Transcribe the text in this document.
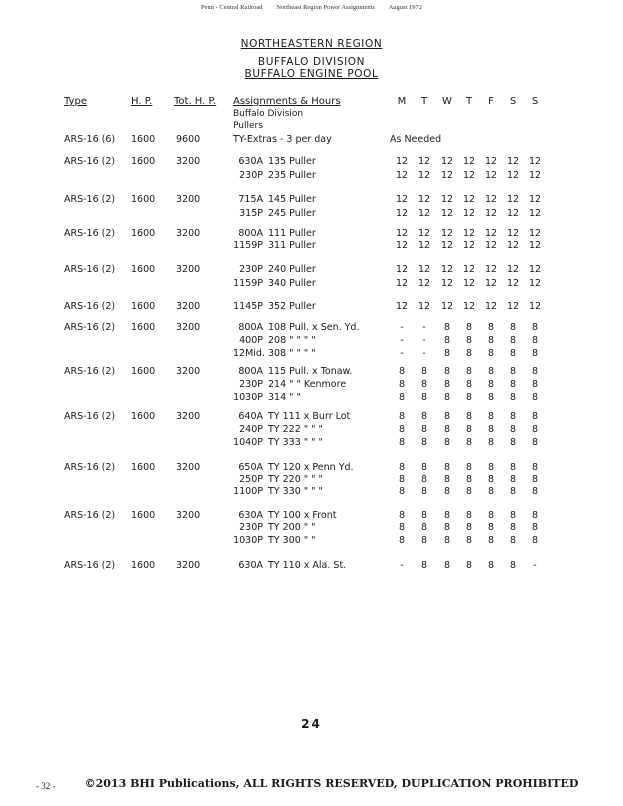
Penn - Central Railroad Northeast Region Power Assignments August 1972
NORTHEASTERN REGION
BUFFALO DIVISION
BUFFALO ENGINE POOL
Type	H. P. Tot. H. P. Assignments & Hours	M	T	W	T	F	S	S
Buffalo Division
Pullers
ARS-16 (6) 1600 9600	TY-Extras - 3 per day	As Needed
ARS-16 (2) 1600 3200	630A 135 Puller	12	12	12	12	12	12	12
230P 235 Puller	12	12	12	12	12	12	12
ARS-16 (2) 1600 3200	715A 145 Puller	12	12	12	12	12	12	12
315P 245 Puller	12	12	12	12	12	12	12
ARS-16 (2) 1600 3200	800A 111 Puller	12	12	12	12	12	12	12
1159P 311 Puller	12	12	12	12	12	12	12
ARS-16 (2) 1600 3200	230P 240 Puller	12	12	12	12	12	12	12
1159P 340 Puller	12	12	12	12	12	12	12
ARS-16 (2) 1600 3200	1145P 352 Puller	12	12	12	12	12	12	12
ARS-16 (2) 1600 3200	800A 108 Pull. x Sen. Yd.	-	-	8	8	8	8	8
400P 208 " " " "	-	-	8	8	8	8	8
12Mid. 308 " " " "	-	-	8	8	8	8	8
ARS-16 (2) 1600 3200	800A 115 Pull. x Tonaw.	8	8	8	8	8	8	8
230P 214 " " Kenmore	8	8	8	8	8	8	8
1030P 314 " "	8	8	8	8	8	8	8
ARS-16 (2) 1600 3200	640A TY 111 x Burr Lot	8	8	8	8	8	8	8
240P TY 222 " " "	8	8	8	8	8	8	8
1040P TY 333 " " "	8	8	8	8	8	8	8
ARS-16 (2) 1600 3200	650A TY 120 x Penn Yd.	8	8	8	8	8	8	8
250P TY 220 " " "	8	8	8	8	8	8	8
1100P TY 330 " " "	8	8	8	8	8	8	8
ARS-16 (2) 1600 3200	630A TY 100 x Front	8	8	8	8	8	8	8
230P TY 200 " "	8	8	8	8	8	8	8
1030P TY 300 " "	8	8	8	8	8	8	8
ARS-16 (2) 1600 3200	630A TY 110 x Ala. St.	-	8	8	8	8	8	-
24
- 32 -	©2013 BHI Publications, ALL RIGHTS RESERVED, DUPLICATION PROHIBITED
